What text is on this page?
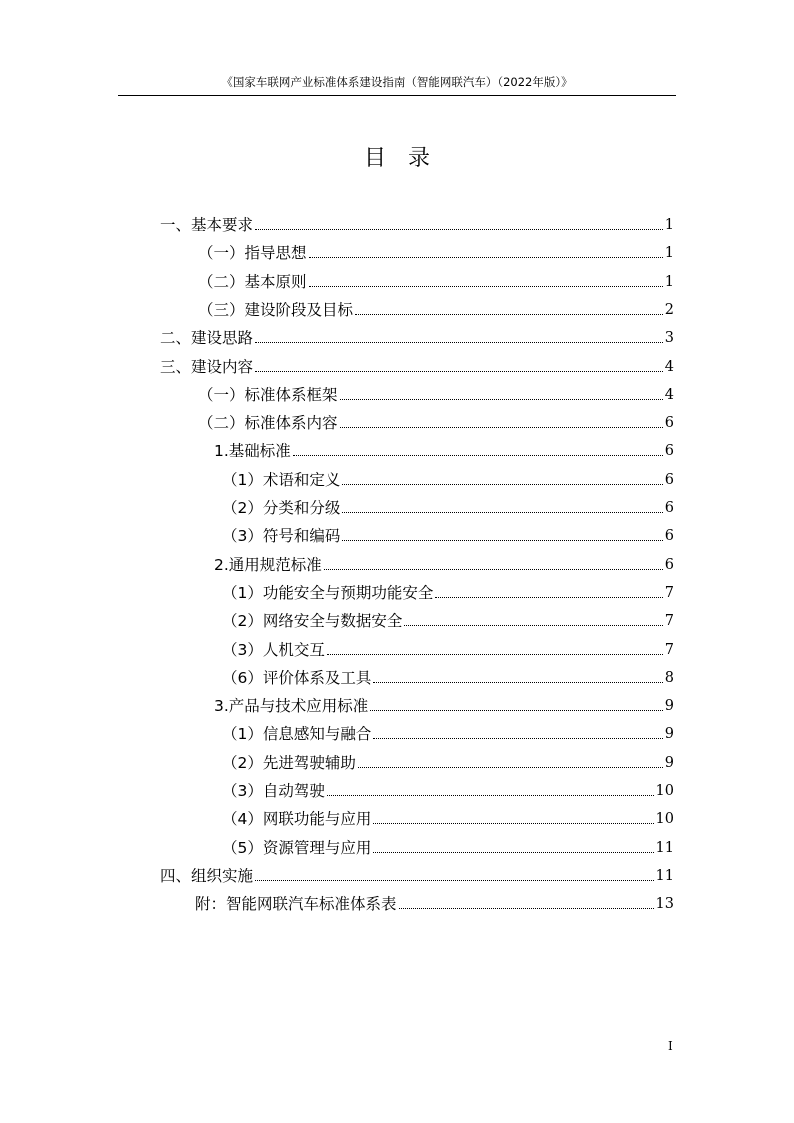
《国家车联网产业标准体系建设指南（智能网联汽车）（2022年版）》
目录
一、基本要求	1
（一）指导思想	1
（二）基本原则	1
（三）建设阶段及目标	2
二、建设思路	3
三、建设内容	4
（一）标准体系框架	4
（二）标准体系内容	6
1.基础标准	6
（1）术语和定义	6
（2）分类和分级	6
（3）符号和编码	6
2.通用规范标准	6
（1）功能安全与预期功能安全	7
（2）网络安全与数据安全	7
（3）人机交互	7
（6）评价体系及工具	8
3.产品与技术应用标准	9
（1）信息感知与融合	9
（2）先进驾驶辅助	9
（3）自动驾驶	10
（4）网联功能与应用	10
（5）资源管理与应用	11
四、组织实施	11
附：智能网联汽车标准体系表	13
I
